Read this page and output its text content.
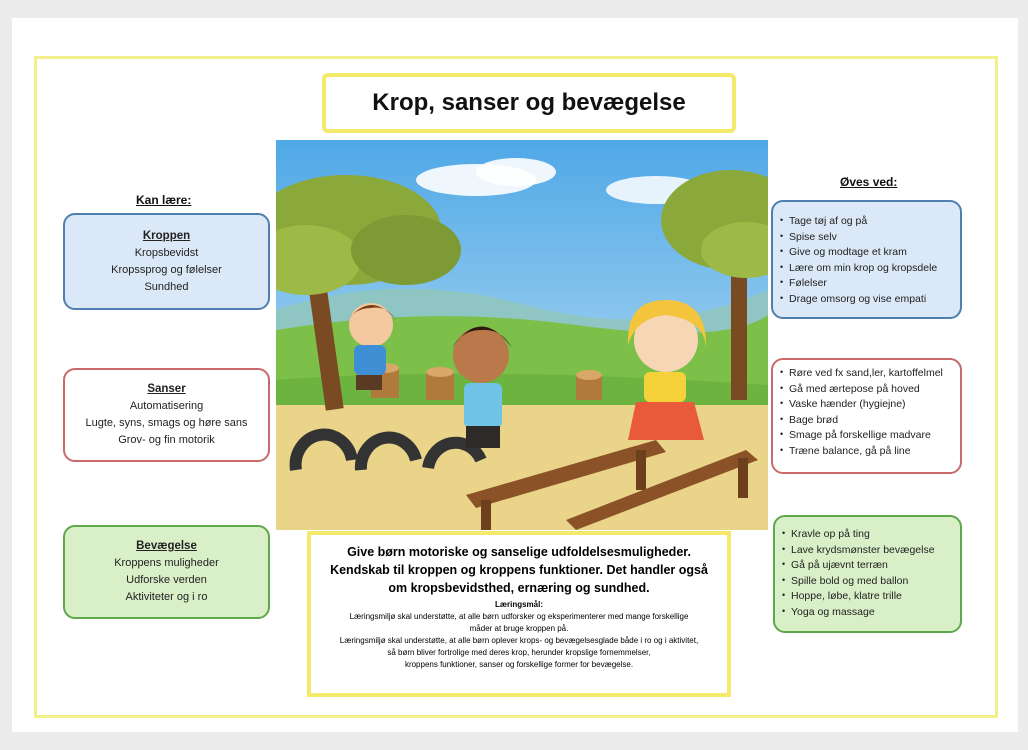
Krop, sanser og bevægelse
Kan lære:
Øves ved:
Kroppen
Kropsbevidst
Kropssprog og følelser
Sundhed
Sanser
Automatisering
Lugte, syns, smags og høre sans
Grov- og fin motorik
Bevægelse
Kroppens muligheder
Udforske verden
Aktiviteter og i ro
• Tage tøj af og på
• Spise selv
• Give og modtage et kram
• Lære om min krop og kropsdele
• Følelser
• Drage omsorg og vise empati
• Røre ved fx sand,ler, kartoffelmel
• Gå med ærtepose på hoved
• Vaske hænder (hygiejne)
• Bage brød
• Smage på forskellige madvare
• Træne balance, gå på line
• Kravle op på ting
• Lave krydsmønster bevægelse
• Gå på ujævnt terræn
• Spille bold og med ballon
• Hoppe, løbe, klatre trille
• Yoga og massage
Give børn motoriske og sanselige udfoldelsesmuligheder.
Kendskab til kroppen og kroppens funktioner. Det handler også
om kropsbevidsthed, ernæring og sundhed.
Læringsmål:
Læringsmiljø skal understøtte, at alle børn udforsker og eksperimenterer med mange forskellige
måder at bruge kroppen på.
Læringsmiljø skal understøtte, at alle børn oplever krops- og bevægelsesglade både i ro og i aktivitet,
så børn bliver fortrolige med deres krop, herunder kropslige fornemmelser,
kroppens funktioner, sanser og forskellige former for bevægelse.
